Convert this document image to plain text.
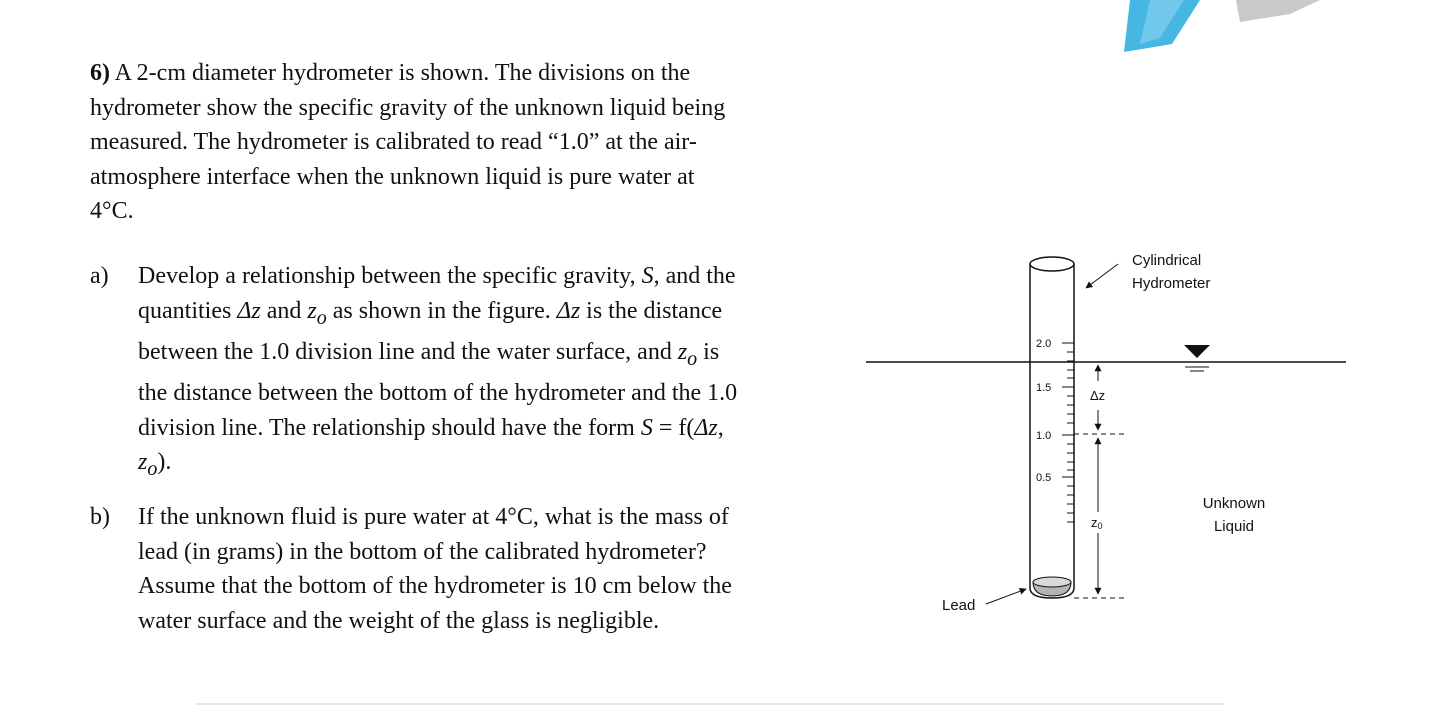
6) A 2-cm diameter hydrometer is shown. The divisions on the hydrometer show the specific gravity of the unknown liquid being measured. The hydrometer is calibrated to read “1.0” at the air-atmosphere interface when the unknown liquid is pure water at 4°C.

a)	Develop a relationship between the specific gravity, S, and the quantities Δz and $z_o$ as shown in the figure. Δz is the distance between the 1.0 division line and the water surface, and $z_o$ is the distance between the bottom of the hydrometer and the 1.0 division line. The relationship should have the form S = f(Δz, $z_o$).
b)	If the unknown fluid is pure water at 4°C, what is the mass of lead (in grams) in the bottom of the calibrated hydrometer? Assume that the bottom of the hydrometer is 10 cm below the water surface and the weight of the glass is negligible.
2.0
1.5
1.0
0.5
Δz
z0
Cylindrical
Hydrometer
Unknown
Liquid
Lead
